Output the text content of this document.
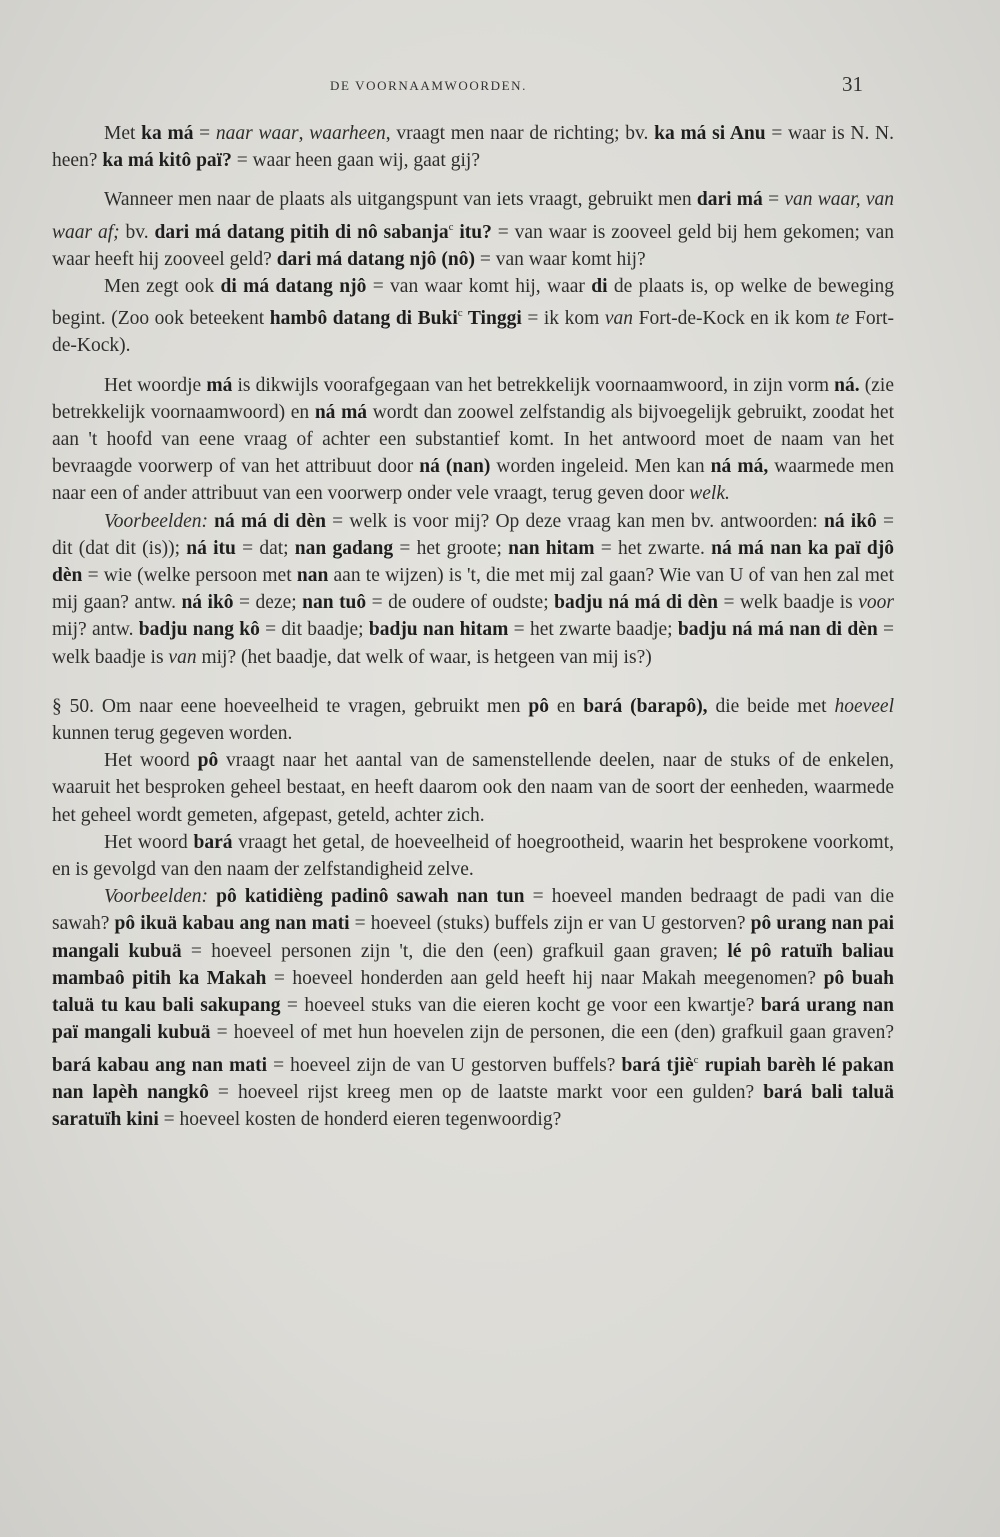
DE VOORNAAMWOORDEN.	31

Met ka má = naar waar, waarheen, vraagt men naar de richting; bv. ka má si Anu = waar is N. N. heen? ka má kitô paï? = waar heen gaan wij, gaat gij?

Wanneer men naar de plaats als uitgangspunt van iets vraagt, gebruikt men dari má = van waar, van waar af; bv. dari má datang pitih di nô sabanja$^c$ itu? = van waar is zooveel geld bij hem gekomen; van waar heeft hij zooveel geld? dari má datang njô (nô) = van waar komt hij?

Men zegt ook di má datang njô = van waar komt hij, waar di de plaats is, op welke de beweging begint. (Zoo ook beteekent hambô datang di Buki$^c$ Tinggi = ik kom van Fort-de-Kock en ik kom te Fort-de-Kock).

Het woordje má is dikwijls voorafgegaan van het betrekkelijk voornaamwoord, in zijn vorm ná. (zie betrekkelijk voornaamwoord) en ná má wordt dan zoowel zelfstandig als bijvoegelijk gebruikt, zoodat het aan 't hoofd van eene vraag of achter een substantief komt. In het antwoord moet de naam van het bevraagde voorwerp of van het attribuut door ná (nan) worden ingeleid. Men kan ná má, waarmede men naar een of ander attribuut van een voorwerp onder vele vraagt, terug geven door welk.

Voorbeelden: ná má di dèn = welk is voor mij? Op deze vraag kan men bv. antwoorden: ná ikô = dit (dat dit (is)); ná itu = dat; nan gadang = het groote; nan hitam = het zwarte. ná má nan ka paï djô dèn = wie (welke persoon met nan aan te wijzen) is 't, die met mij zal gaan? Wie van U of van hen zal met mij gaan? antw. ná ikô = deze; nan tuô = de oudere of oudste; badju ná má di dèn = welk baadje is voor mij? antw. badju nang kô = dit baadje; badju nan hitam = het zwarte baadje; badju ná má nan di dèn = welk baadje is van mij? (het baadje, dat welk of waar, is hetgeen van mij is?)

§ 50. Om naar eene hoeveelheid te vragen, gebruikt men pô en bará (barapô), die beide met hoeveel kunnen terug gegeven worden.

Het woord pô vraagt naar het aantal van de samenstellende deelen, naar de stuks of de enkelen, waaruit het besproken geheel bestaat, en heeft daarom ook den naam van de soort der eenheden, waarmede het geheel wordt gemeten, afgepast, geteld, achter zich.

Het woord bará vraagt het getal, de hoeveelheid of hoegrootheid, waarin het besprokene voorkomt, en is gevolgd van den naam der zelfstandigheid zelve.

Voorbeelden: pô katidièng padinô sawah nan tun = hoeveel manden bedraagt de padi van die sawah? pô ikuä kabau ang nan mati = hoeveel (stuks) buffels zijn er van U gestorven? pô urang nan pai mangali kubuä = hoeveel personen zijn 't, die den (een) grafkuil gaan graven; lé pô ratuïh baliau mambaô pitih ka Makah = hoeveel honderden aan geld heeft hij naar Makah meegenomen? pô buah taluä tu kau bali sakupang = hoeveel stuks van die eieren kocht ge voor een kwartje? bará urang nan paï mangali kubuä = hoeveel of met hun hoevelen zijn de personen, die een (den) grafkuil gaan graven? bará kabau ang nan mati = hoeveel zijn de van U gestorven buffels? bará tjiè$^c$ rupiah barèh lé pakan nan lapèh nangkô = hoeveel rijst kreeg men op de laatste markt voor een gulden? bará bali taluä saratuïh kini = hoeveel kosten de honderd eieren tegenwoordig?
